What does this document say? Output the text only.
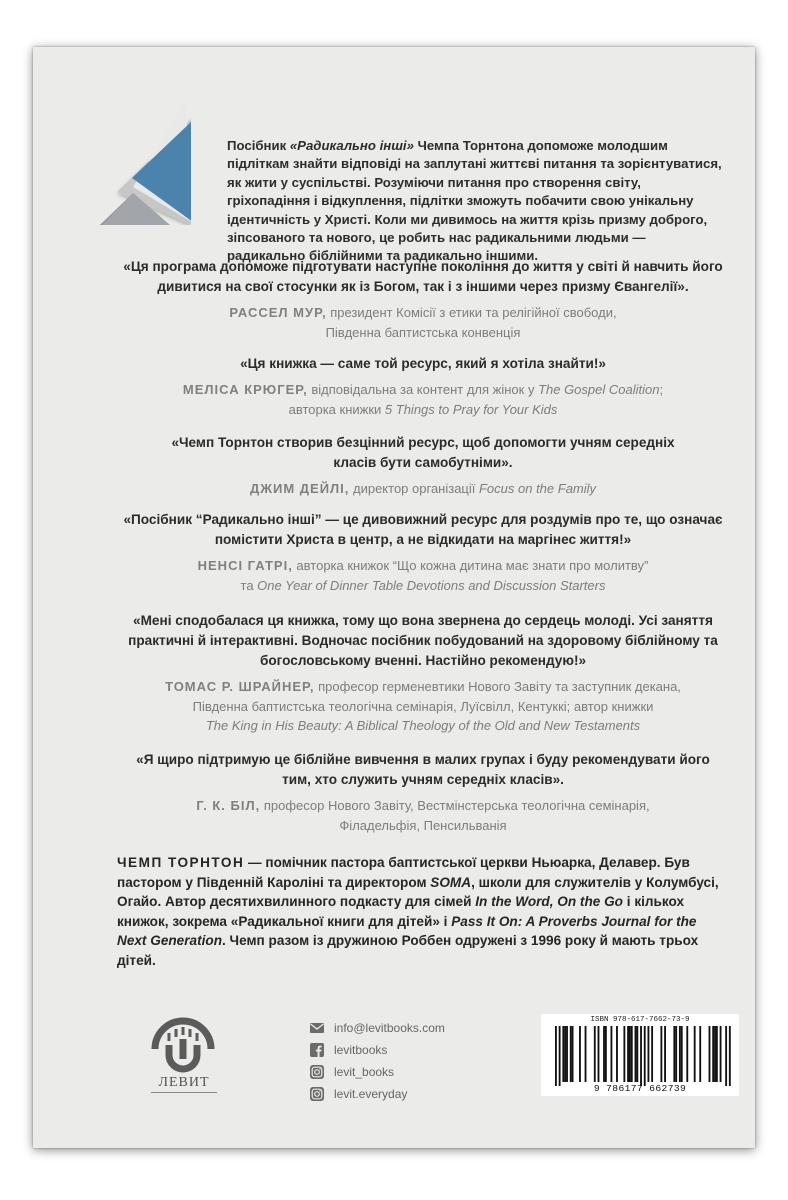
Посібник «Радикально інші» Чемпа Торнтона допоможе молодшим підліткам знайти відповіді на заплутані життєві питання та зорієнтуватися, як жити у суспільстві. Розуміючи питання про створення світу, гріхопадіння і відкуплення, підлітки зможуть побачити свою унікальну ідентичність у Христі. Коли ми дивимось на життя крізь призму доброго, зіпсованого та нового, це робить нас радикальними людьми — радикально біблійними та радикально іншими.

«Ця програма допоможе підготувати наступне покоління до життя у світі й навчить його дивитися на свої стосунки як із Богом, так і з іншими через призму Євангелії».

РАССЕЛ МУР, президент Комісії з етики та релігійної свободи,
Південна баптистська конвенція

«Ця книжка — саме той ресурс, який я хотіла знайти!»

МЕЛІСА КРЮГЕР, відповідальна за контент для жінок у The Gospel Coalition;
авторка книжки 5 Things to Pray for Your Kids

«Чемп Торнтон створив безцінний ресурс, щоб допомогти учням середніх класів бути самобутніми».

ДЖИМ ДЕЙЛІ, директор організації Focus on the Family

«Посібник “Радикально інші” — це дивовижний ресурс для роздумів про те, що означає помістити Христа в центр, а не відкидати на маргінес життя!»

НЕНСІ ГАТРІ, авторка книжок “Що кожна дитина має знати про молитву”
та One Year of Dinner Table Devotions and Discussion Starters

«Мені сподобалася ця книжка, тому що вона звернена до сердець молоді. Усі заняття практичні й інтерактивні. Водночас посібник побудований на здоровому біблійному та богословському вченні. Настійно рекомендую!»

ТОМАС Р. ШРАЙНЕР, професор герменевтики Нового Завіту та заступник декана,
Південна баптистська теологічна семінарія, Луїсвілл, Кентуккі; автор книжки
The King in His Beauty: A Biblical Theology of the Old and New Testaments

«Я щиро підтримую це біблійне вивчення в малих групах і буду рекомендувати його тим, хто служить учням середніх класів».

Г. К. БІЛ, професор Нового Завіту, Вестмінстерська теологічна семінарія,
Філадельфія, Пенсильванія
ЧЕМП ТОРНТОН — помічник пастора баптистської церкви Ньюарка, Делавер. Був пастором у Південній Кароліні та директором SOMA, школи для служителів у Колумбусі, Огайо. Автор десятихвилинного подкасту для сімей In the Word, On the Go і кількох книжок, зокрема «Радикальної книги для дітей» і Pass It On: A Proverbs Journal for the Next Generation. Чемп разом із дружиною Роббен одружені з 1996 року й мають трьох дітей.
ЛЕВИТ
info@levitbooks.com
levitbooks
levit_books
levit.everyday
ISBN 978-617-7662-73-9
9 786177 662739
